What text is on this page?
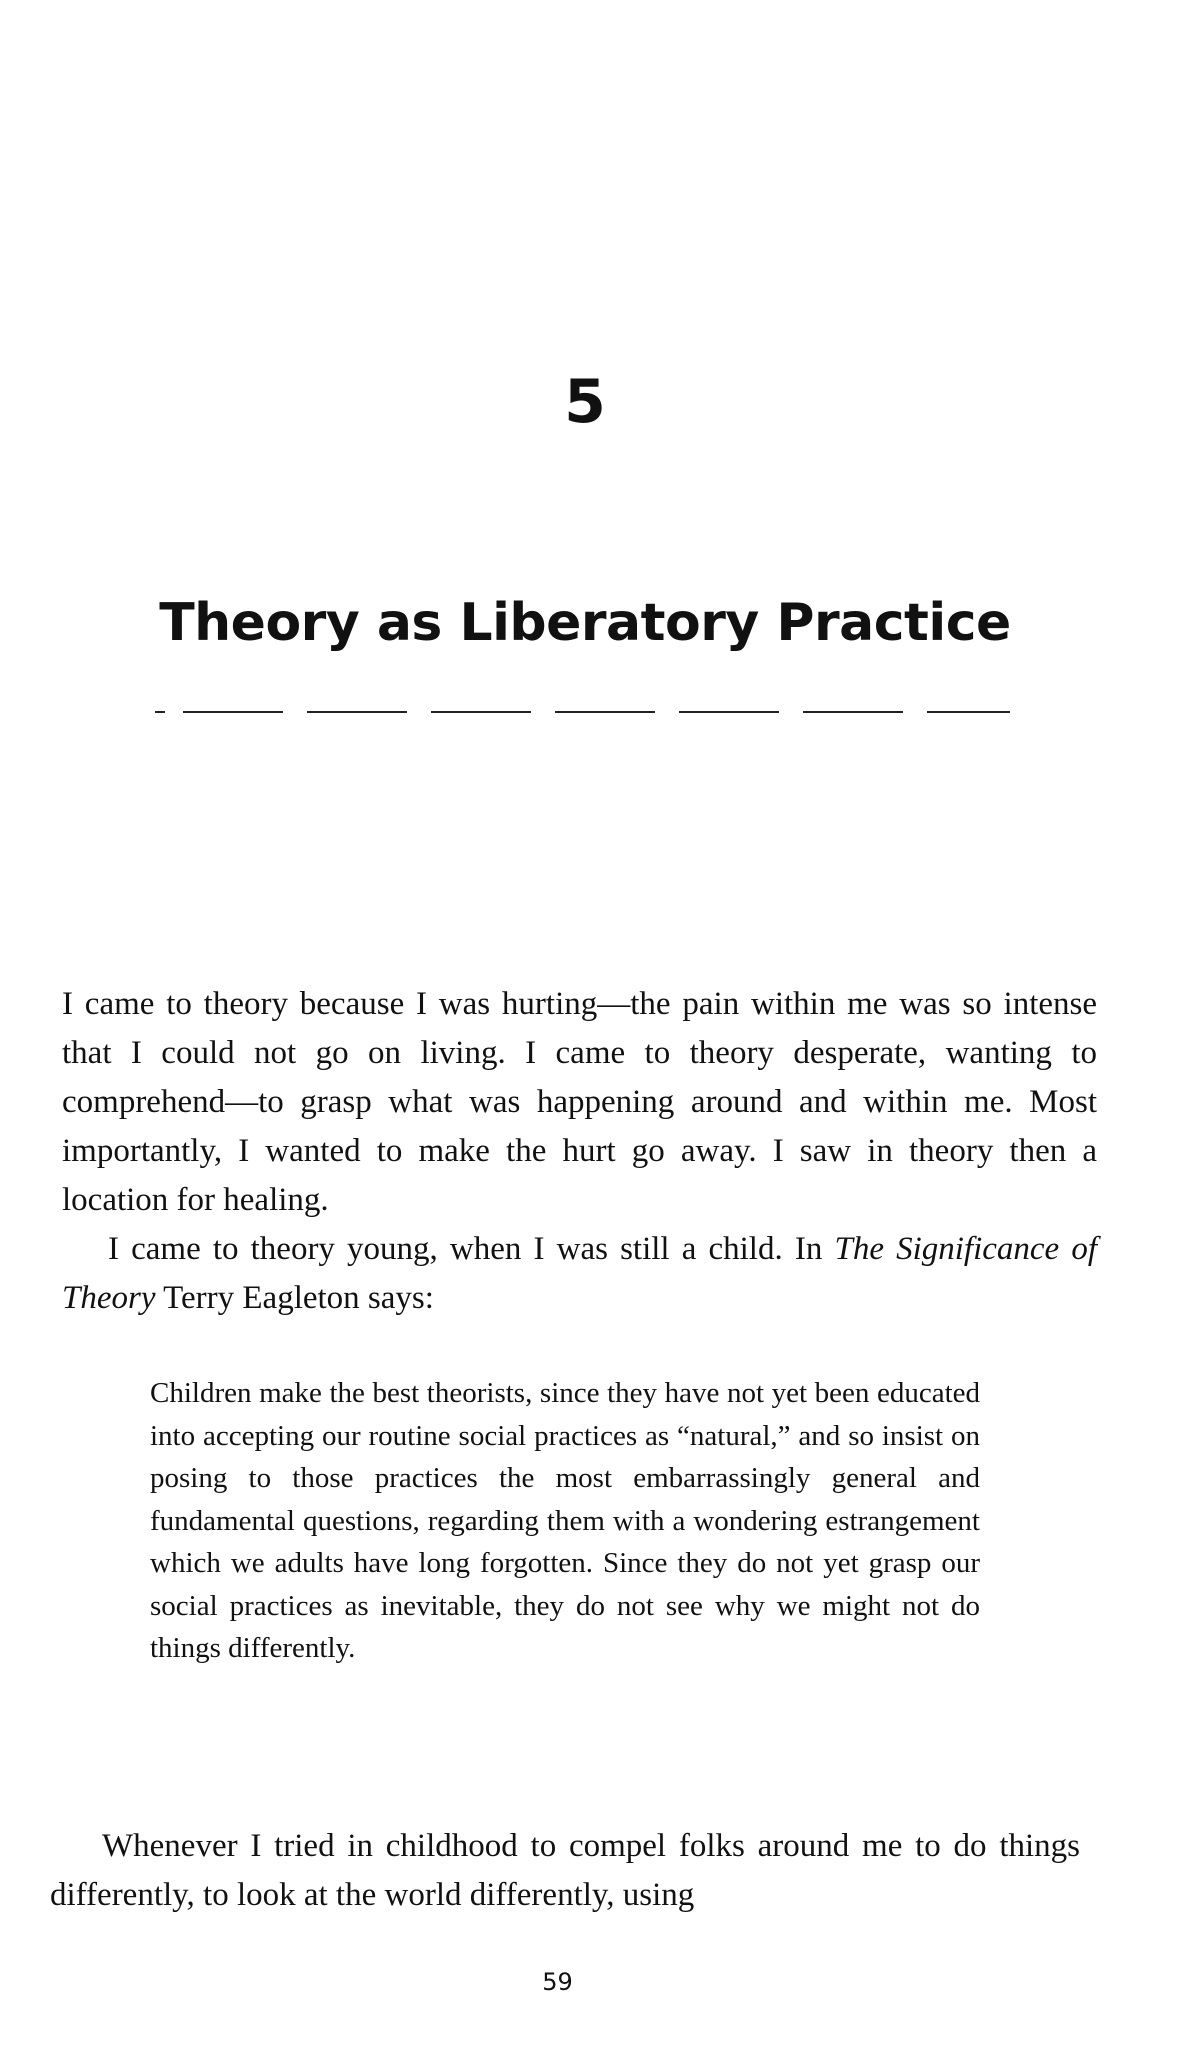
5
Theory as Liberatory Practice
I came to theory because I was hurting—the pain within me was so intense that I could not go on living. I came to theory desperate, wanting to comprehend—to grasp what was happening around and within me. Most importantly, I wanted to make the hurt go away. I saw in theory then a location for healing.
I came to theory young, when I was still a child. In The Significance of Theory Terry Eagleton says:
Children make the best theorists, since they have not yet been educated into accepting our routine social practices as “natural,” and so insist on posing to those practices the most embarrassingly general and fundamental questions, regarding them with a wondering estrangement which we adults have long forgotten. Since they do not yet grasp our social practices as inevitable, they do not see why we might not do things differently.
Whenever I tried in childhood to compel folks around me to do things differently, to look at the world differently, using
59
